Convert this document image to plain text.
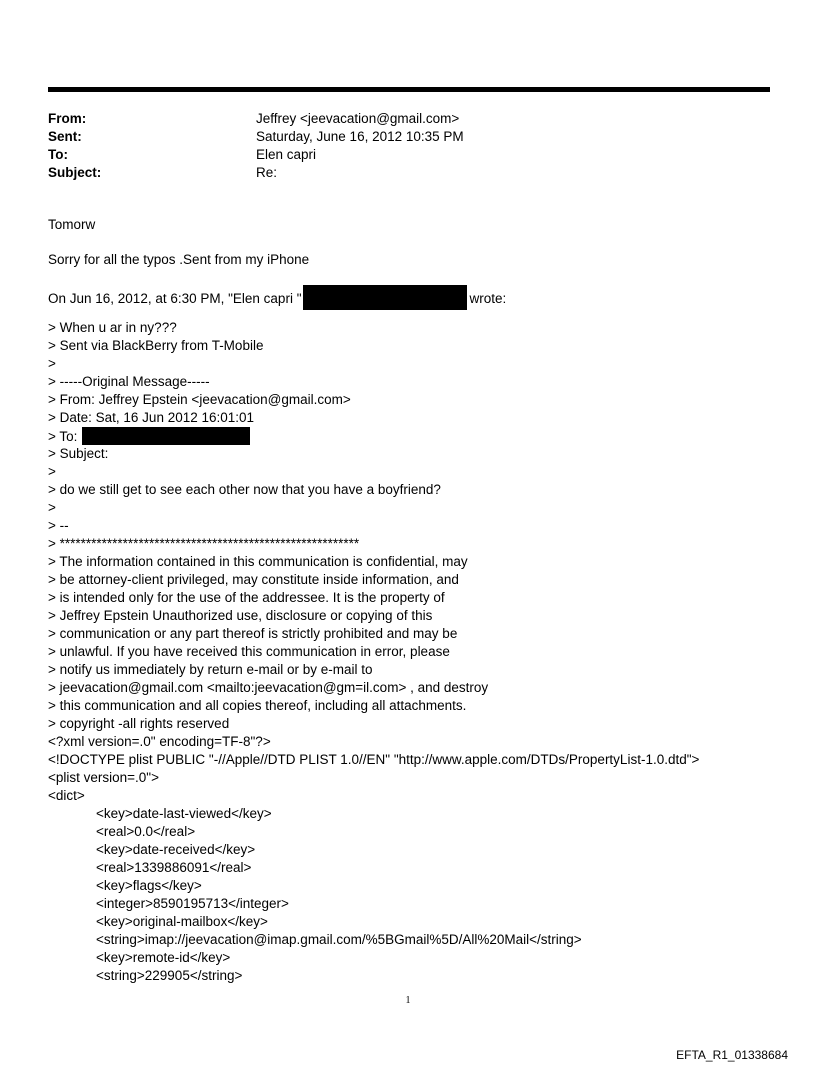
From:	Jeffrey <jeevacation@gmail.com>
Sent:	Saturday, June 16, 2012 10:35 PM
To:	Elen capri
Subject:	Re:
Tomorw
Sorry for all the typos .Sent from my iPhone
On Jun 16, 2012, at 6:30 PM, "Elen capri "	wrote:
> When u ar in ny???
> Sent via BlackBerry from T-Mobile
>
> -----Original Message-----
> From: Jeffrey Epstein <jeevacation@gmail.com>
> Date: Sat, 16 Jun 2012 16:01:01
> To:
> Subject:
>
> do we still get to see each other now that you have a boyfriend?
>
> --
> *********************************************************
> The information contained in this communication is confidential, may
> be attorney-client privileged, may constitute inside information, and
> is intended only for the use of the addressee. It is the property of
> Jeffrey Epstein Unauthorized use, disclosure or copying of this
> communication or any part thereof is strictly prohibited and may be
> unlawful. If you have received this communication in error, please
> notify us immediately by return e-mail or by e-mail to
> jeevacation@gmail.com <mailto:jeevacation@gm=il.com> , and destroy
> this communication and all copies thereof, including all attachments.
> copyright -all rights reserved
<?xml version=.0" encoding=TF-8"?>
<!DOCTYPE plist PUBLIC "-//Apple//DTD PLIST 1.0//EN" "http://www.apple.com/DTDs/PropertyList-1.0.dtd">
<plist version=.0">
<dict>
<key>date-last-viewed</key>
<real>0.0</real>
<key>date-received</key>
<real>1339886091</real>
<key>flags</key>
<integer>8590195713</integer>
<key>original-mailbox</key>
<string>imap://jeevacation@imap.gmail.com/%5BGmail%5D/All%20Mail</string>
<key>remote-id</key>
<string>229905</string>
1
EFTA_R1_01338684
